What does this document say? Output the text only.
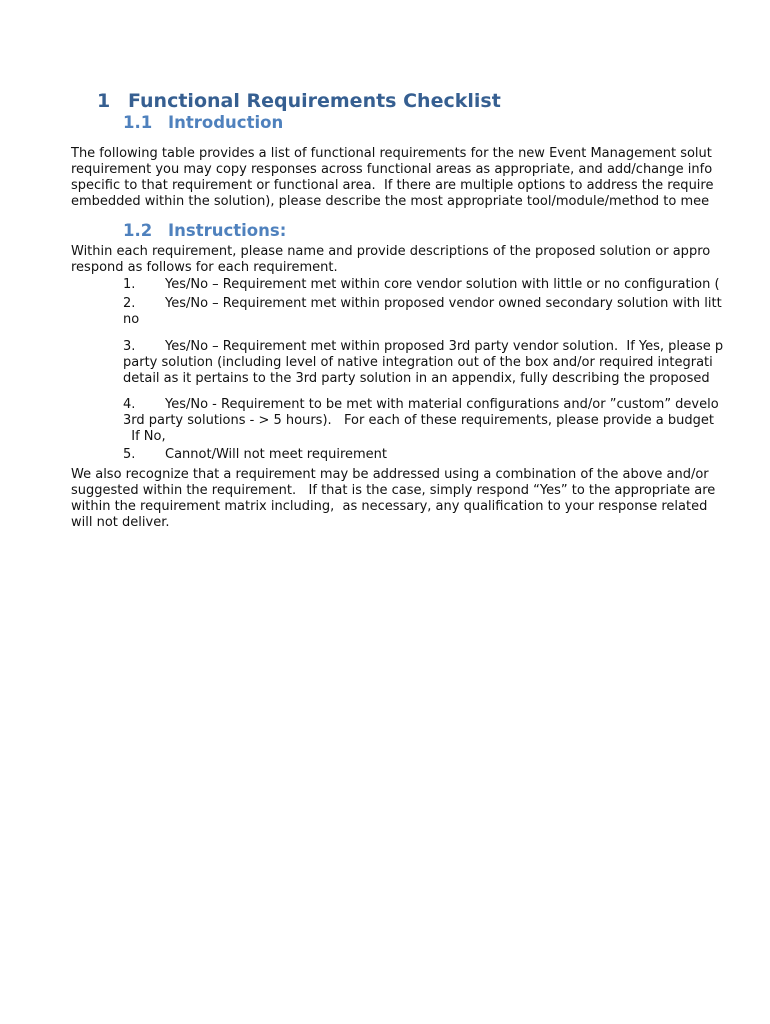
1 Functional Requirements Checklist
1.1 Introduction
The following table provides a list of functional requirements for the new Event Management solut
requirement you may copy responses across functional areas as appropriate, and add/change info
specific to that requirement or functional area.  If there are multiple options to address the require
embedded within the solution), please describe the most appropriate tool/module/method to mee
1.2 Instructions:
Within each requirement, please name and provide descriptions of the proposed solution or appro
respond as follows for each requirement.
1. Yes/No – Requirement met within core vendor solution with little or no configuration (
2. Yes/No – Requirement met within proposed vendor owned secondary solution with litt
no
3. Yes/No – Requirement met within proposed 3rd party vendor solution.  If Yes, please p
party solution (including level of native integration out of the box and/or required integrati
detail as it pertains to the 3rd party solution in an appendix, fully describing the proposed
4. Yes/No - Requirement to be met with material configurations and/or ”custom” develo
3rd party solutions - > 5 hours).   For each of these requirements, please provide a budget
If No,
5. Cannot/Will not meet requirement
We also recognize that a requirement may be addressed using a combination of the above and/or
suggested within the requirement.   If that is the case, simply respond “Yes” to the appropriate are
within the requirement matrix including,  as necessary, any qualification to your response related
will not deliver.
